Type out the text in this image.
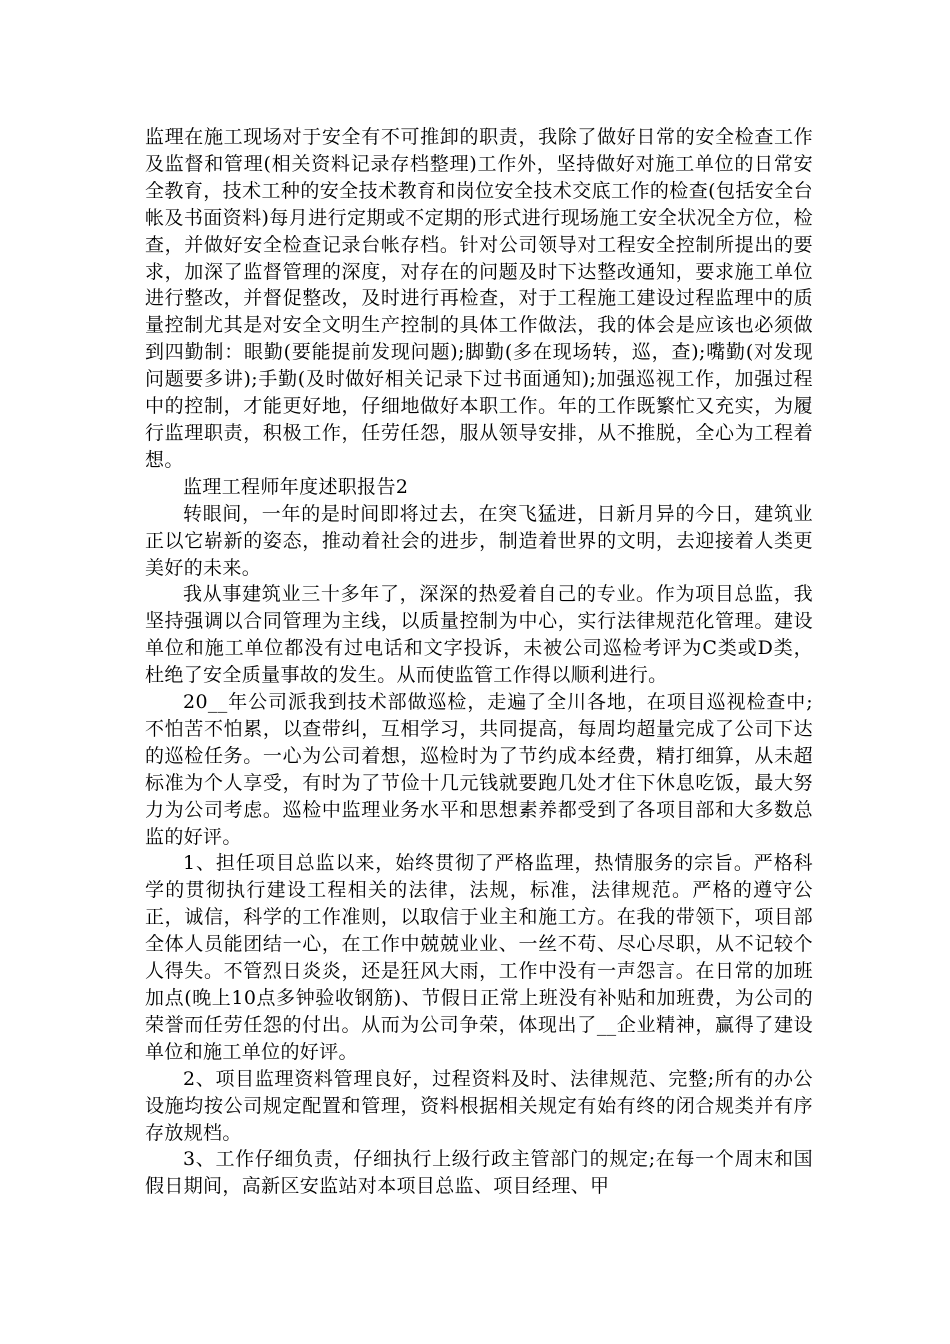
监理在施工现场对于安全有不可推卸的职责，我除了做好日常的安全检查工作及监督和管理(相关资料记录存档整理)工作外，坚持做好对施工单位的日常安全教育，技术工种的安全技术教育和岗位安全技术交底工作的检查(包括安全台帐及书面资料)每月进行定期或不定期的形式进行现场施工安全状况全方位，检查，并做好安全检查记录台帐存档。针对公司领导对工程安全控制所提出的要求，加深了监督管理的深度，对存在的问题及时下达整改通知，要求施工单位进行整改，并督促整改，及时进行再检查，对于工程施工建设过程监理中的质量控制尤其是对安全文明生产控制的具体工作做法，我的体会是应该也必须做到四勤制：眼勤(要能提前发现问题);脚勤(多在现场转，巡，查);嘴勤(对发现问题要多讲);手勤(及时做好相关记录下过书面通知);加强巡视工作，加强过程中的控制，才能更好地，仔细地做好本职工作。年的工作既繁忙又充实，为履行监理职责，积极工作，任劳任怨，服从领导安排，从不推脱，全心为工程着想。

监理工程师年度述职报告2

转眼间，一年的是时间即将过去，在突飞猛进，日新月异的今日，建筑业正以它崭新的姿态，推动着社会的进步，制造着世界的文明，去迎接着人类更美好的未来。

我从事建筑业三十多年了，深深的热爱着自己的专业。作为项目总监，我坚持强调以合同管理为主线，以质量控制为中心，实行法律规范化管理。建设单位和施工单位都没有过电话和文字投诉，未被公司巡检考评为C类或D类，杜绝了安全质量事故的发生。从而使监管工作得以顺利进行。

20__年公司派我到技术部做巡检，走遍了全川各地，在项目巡视检查中;不怕苦不怕累，以查带纠，互相学习，共同提高，每周均超量完成了公司下达的巡检任务。一心为公司着想，巡检时为了节约成本经费，精打细算，从未超标准为个人享受，有时为了节俭十几元钱就要跑几处才住下休息吃饭，最大努力为公司考虑。巡检中监理业务水平和思想素养都受到了各项目部和大多数总监的好评。

1、担任项目总监以来，始终贯彻了严格监理，热情服务的宗旨。严格科学的贯彻执行建设工程相关的法律，法规，标准，法律规范。严格的遵守公正，诚信，科学的工作准则，以取信于业主和施工方。在我的带领下，项目部全体人员能团结一心，在工作中兢兢业业、一丝不苟、尽心尽职，从不记较个人得失。不管烈日炎炎，还是狂风大雨，工作中没有一声怨言。在日常的加班加点(晚上10点多钟验收钢筋)、节假日正常上班没有补贴和加班费，为公司的荣誉而任劳任怨的付出。从而为公司争荣，体现出了__企业精神，赢得了建设单位和施工单位的好评。

2、项目监理资料管理良好，过程资料及时、法律规范、完整;所有的办公设施均按公司规定配置和管理，资料根据相关规定有始有终的闭合规类并有序存放规档。

3、工作仔细负责，仔细执行上级行政主管部门的规定;在每一个周末和国假日期间，高新区安监站对本项目总监、项目经理、甲
